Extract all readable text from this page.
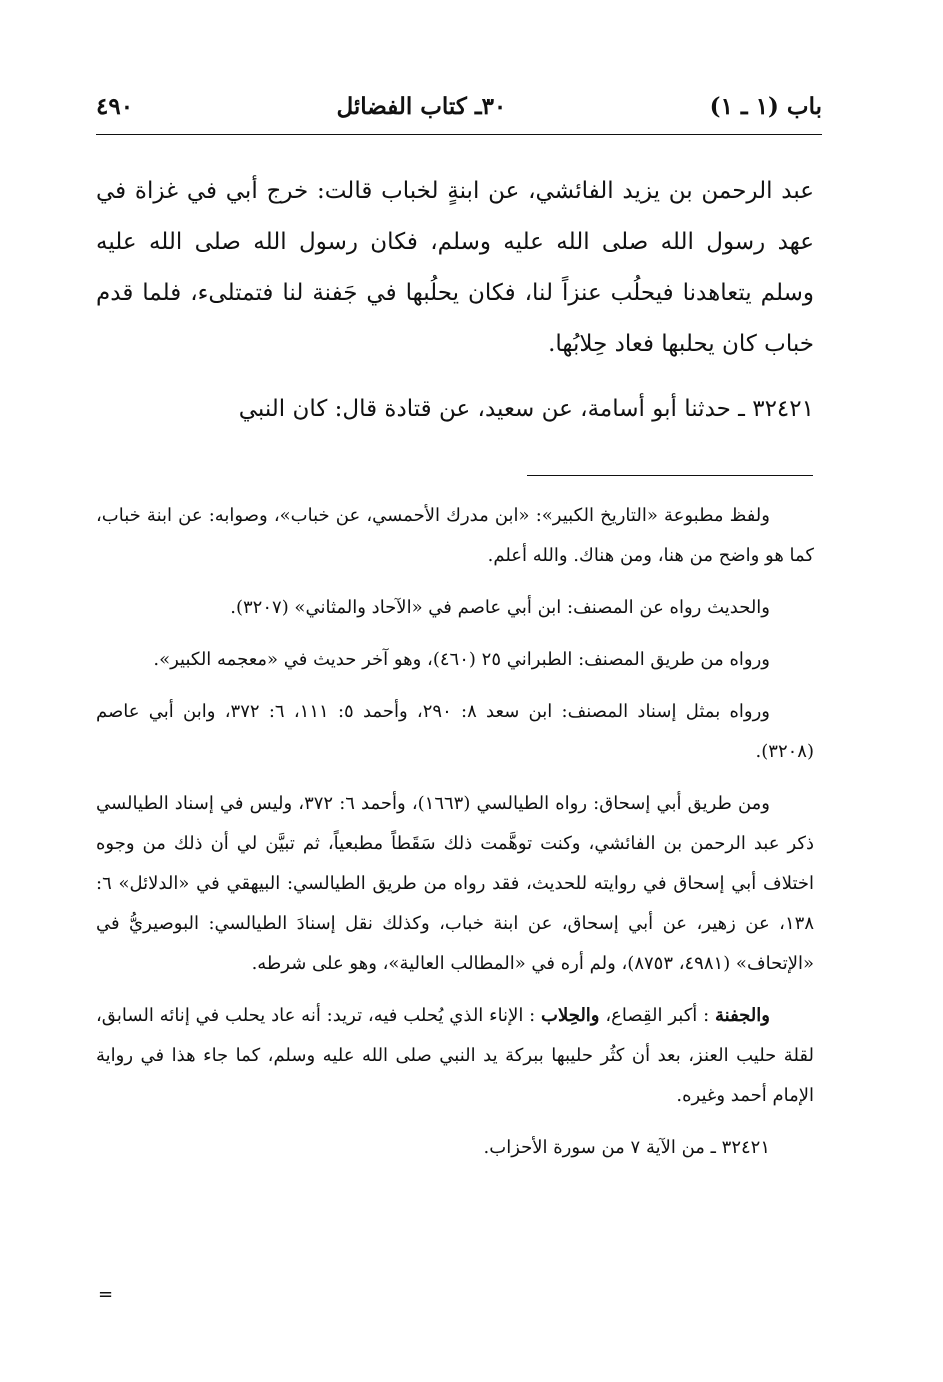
٤٩٠	٣٠ـ كتاب الفضائل	باب (١ ـ ١)

عبد الرحمن بن يزيد الفائشي، عن ابنةٍ لخباب قالت: خرج أبي في غزاة في عهد رسول الله صلى الله عليه وسلم، فكان رسول الله صلى الله عليه وسلم يتعاهدنا فيحلُب عنزاً لنا، فكان يحلُبها في جَفنة لنا فتمتلىء، فلما قدم خباب كان يحلبها فعاد حِلابُها.

٣٢٤٢١ ـ حدثنا أبو أسامة، عن سعيد، عن قتادة قال: كان النبي

ولفظ مطبوعة «التاريخ الكبير»: «ابن مدرك الأحمسي، عن خباب»، وصوابه: عن ابنة خباب، كما هو واضح من هنا، ومن هناك. والله أعلم.

والحديث رواه عن المصنف: ابن أبي عاصم في «الآحاد والمثاني» (٣٢٠٧).

ورواه من طريق المصنف: الطبراني ٢٥ (٤٦٠)، وهو آخر حديث في «معجمه الكبير».

ورواه بمثل إسناد المصنف: ابن سعد ٨: ٢٩٠، وأحمد ٥: ١١١، ٦: ٣٧٢، وابن أبي عاصم (٣٢٠٨).

ومن طريق أبي إسحاق: رواه الطيالسي (١٦٦٣)، وأحمد ٦: ٣٧٢، وليس في إسناد الطيالسي ذكر عبد الرحمن بن الفائشي، وكنت توهَّمت ذلك سَقَطاً مطبعياً، ثم تبيَّن لي أن ذلك من وجوه اختلاف أبي إسحاق في روايته للحديث، فقد رواه من طريق الطيالسي: البيهقي في «الدلائل» ٦: ١٣٨، عن زهير، عن أبي إسحاق، عن ابنة خباب، وكذلك نقل إسنادَ الطيالسي: البوصيريُّ في «الإتحاف» (٤٩٨١، ٨٧٥٣)، ولم أره في «المطالب العالية»، وهو على شرطه.

والجفنة : أكبر القِصاع، والحِلاب : الإناء الذي يُحلب فيه، تريد: أنه عاد يحلب في إنائه السابق، لقلة حليب العنز، بعد أن كثُر حليبها ببركة يد النبي صلى الله عليه وسلم، كما جاء هذا في رواية الإمام أحمد وغيره.

٣٢٤٢١ ـ من الآية ٧ من سورة الأحزاب.

=
